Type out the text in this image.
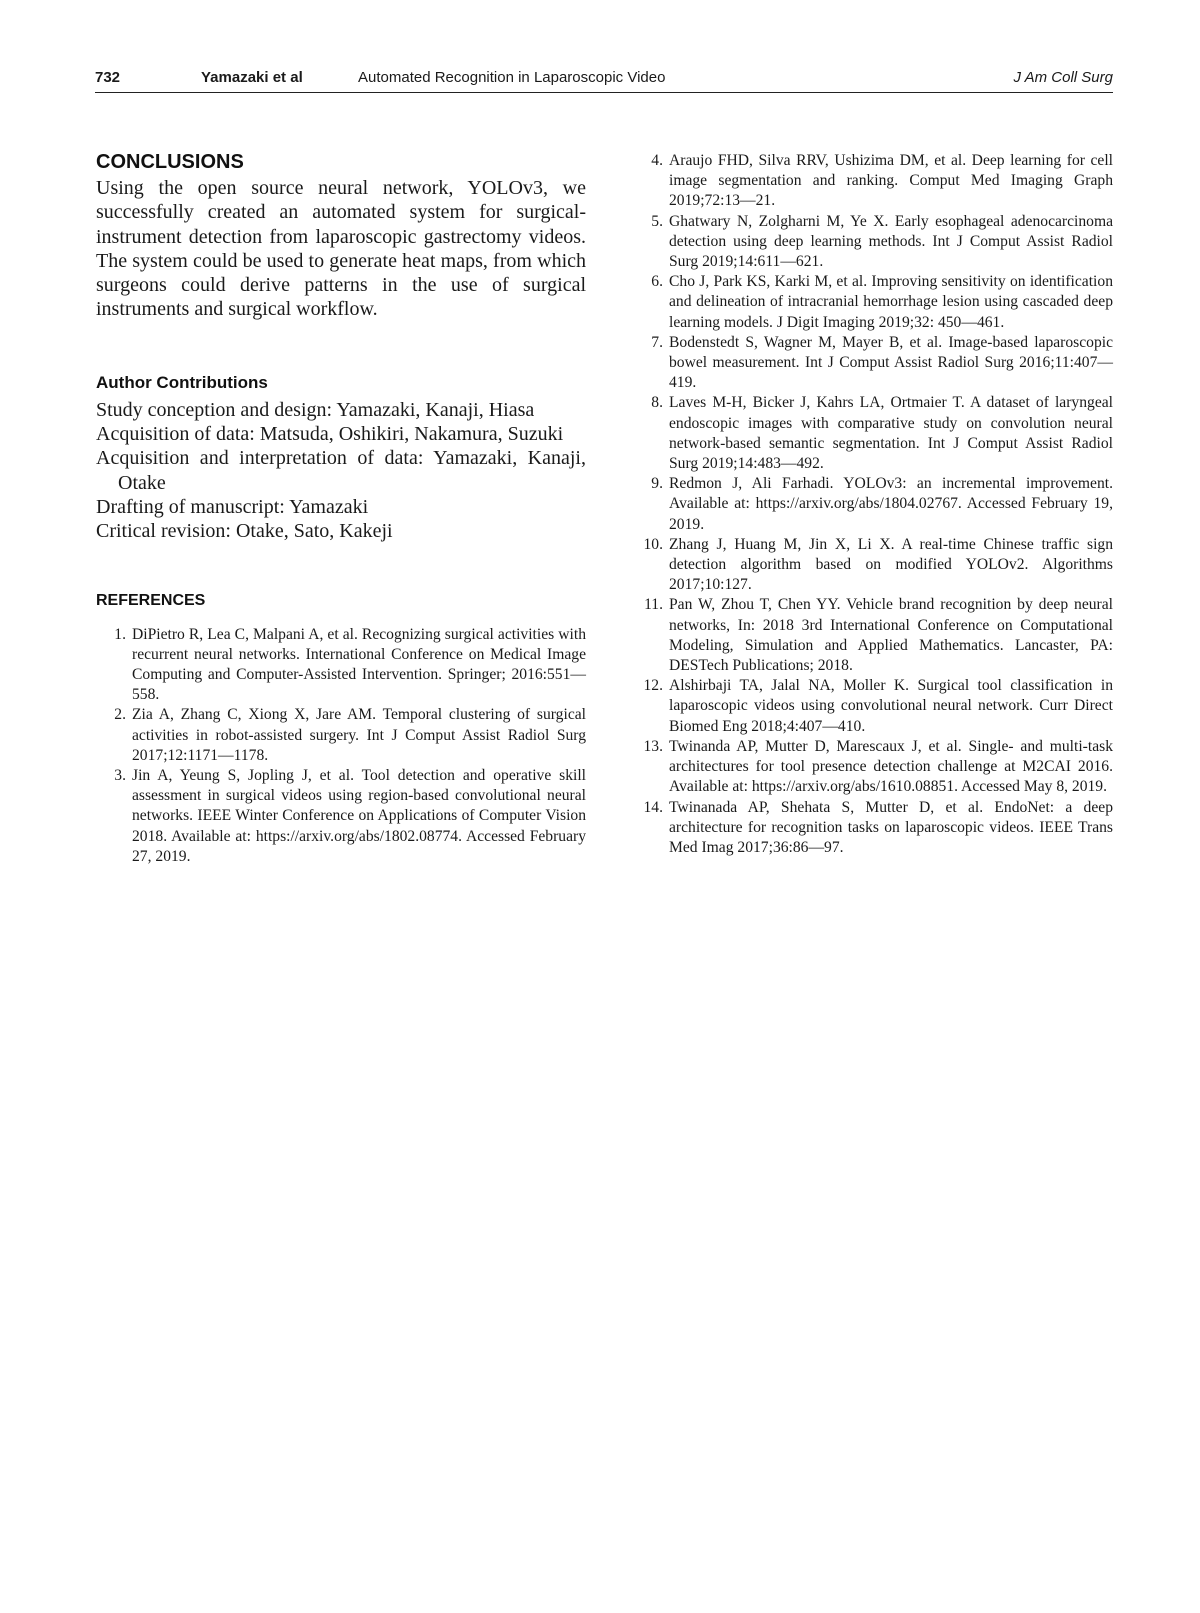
732	Yamazaki et al	Automated Recognition in Laparoscopic Video	J Am Coll Surg
CONCLUSIONS

Using the open source neural network, YOLOv3, we successfully created an automated system for surgical-instrument detection from laparoscopic gastrectomy videos. The system could be used to generate heat maps, from which surgeons could derive patterns in the use of surgical instruments and surgical workflow.

Author Contributions
Study conception and design: Yamazaki, Kanaji, Hiasa
Acquisition of data: Matsuda, Oshikiri, Nakamura, Suzuki
Acquisition and interpretation of data: Yamazaki, Kanaji, Otake
Drafting of manuscript: Yamazaki
Critical revision: Otake, Sato, Kakeji
REFERENCES
1. DiPietro R, Lea C, Malpani A, et al. Recognizing surgical activities with recurrent neural networks. International Conference on Medical Image Computing and Computer-Assisted Intervention. Springer; 2016:551—558.
2. Zia A, Zhang C, Xiong X, Jare AM. Temporal clustering of surgical activities in robot-assisted surgery. Int J Comput Assist Radiol Surg 2017;12:1171—1178.
3. Jin A, Yeung S, Jopling J, et al. Tool detection and operative skill assessment in surgical videos using region-based convolutional neural networks. IEEE Winter Conference on Applications of Computer Vision 2018. Available at: https://arxiv.org/abs/1802.08774. Accessed February 27, 2019.
4. Araujo FHD, Silva RRV, Ushizima DM, et al. Deep learning for cell image segmentation and ranking. Comput Med Imaging Graph 2019;72:13—21.
5. Ghatwary N, Zolgharni M, Ye X. Early esophageal adenocarcinoma detection using deep learning methods. Int J Comput Assist Radiol Surg 2019;14:611—621.
6. Cho J, Park KS, Karki M, et al. Improving sensitivity on identification and delineation of intracranial hemorrhage lesion using cascaded deep learning models. J Digit Imaging 2019;32: 450—461.
7. Bodenstedt S, Wagner M, Mayer B, et al. Image-based laparoscopic bowel measurement. Int J Comput Assist Radiol Surg 2016;11:407—419.
8. Laves M-H, Bicker J, Kahrs LA, Ortmaier T. A dataset of laryngeal endoscopic images with comparative study on convolution neural network-based semantic segmentation. Int J Comput Assist Radiol Surg 2019;14:483—492.
9. Redmon J, Ali Farhadi. YOLOv3: an incremental improvement. Available at: https://arxiv.org/abs/1804.02767. Accessed February 19, 2019.
10. Zhang J, Huang M, Jin X, Li X. A real-time Chinese traffic sign detection algorithm based on modified YOLOv2. Algorithms 2017;10:127.
11. Pan W, Zhou T, Chen YY. Vehicle brand recognition by deep neural networks, In: 2018 3rd International Conference on Computational Modeling, Simulation and Applied Mathematics. Lancaster, PA: DESTech Publications; 2018.
12. Alshirbaji TA, Jalal NA, Moller K. Surgical tool classification in laparoscopic videos using convolutional neural network. Curr Direct Biomed Eng 2018;4:407—410.
13. Twinanda AP, Mutter D, Marescaux J, et al. Single- and multi-task architectures for tool presence detection challenge at M2CAI 2016. Available at: https://arxiv.org/abs/1610.08851. Accessed May 8, 2019.
14. Twinanada AP, Shehata S, Mutter D, et al. EndoNet: a deep architecture for recognition tasks on laparoscopic videos. IEEE Trans Med Imag 2017;36:86—97.
